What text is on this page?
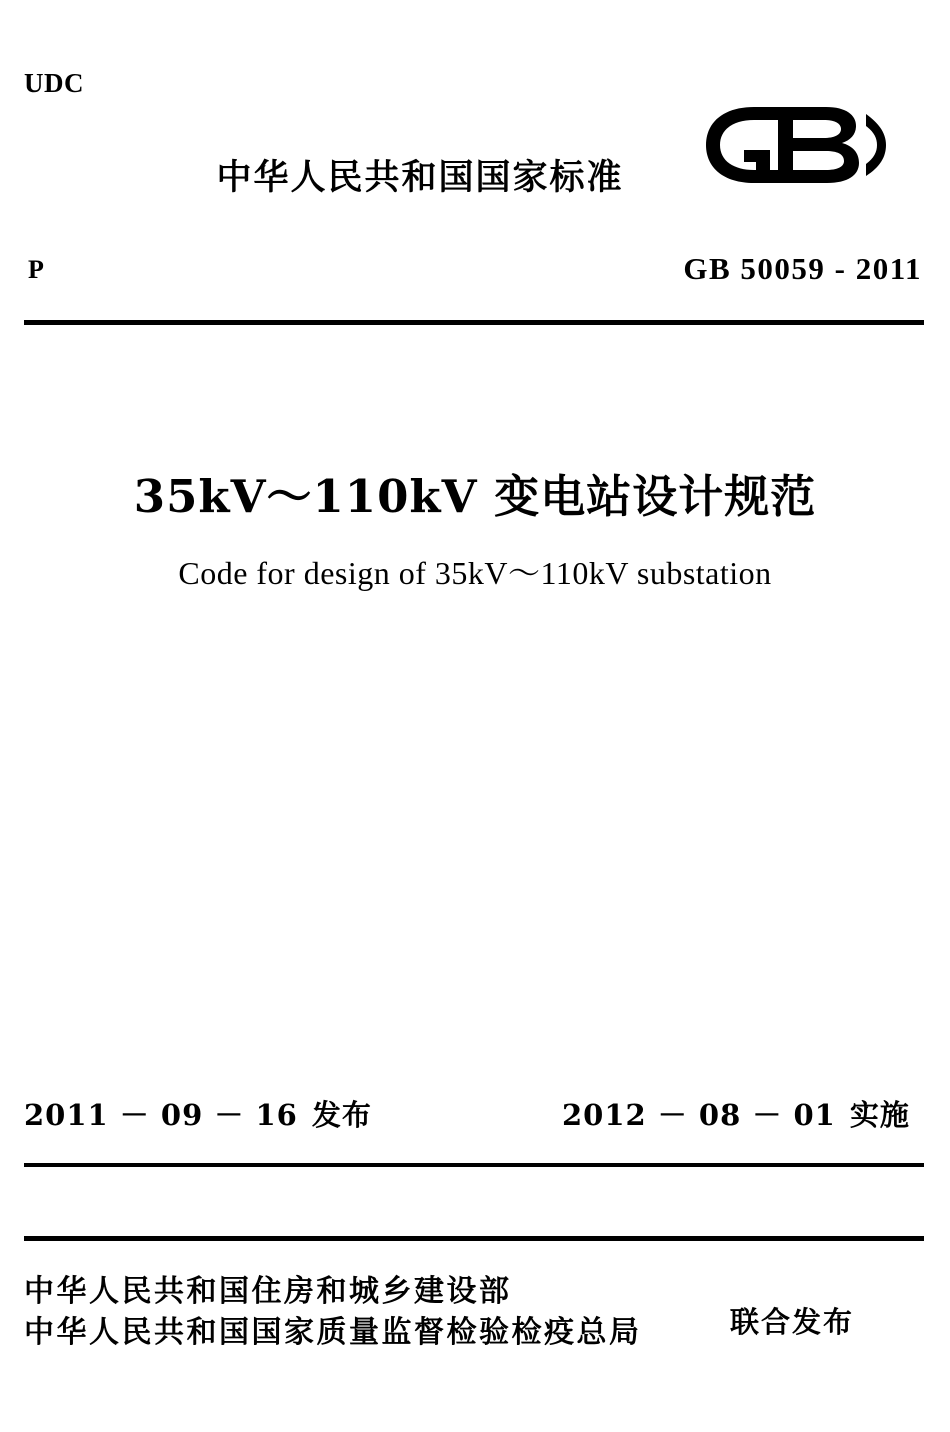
UDC
中华人民共和国国家标准
P	GB 50059 - 2011
35kV～110kV 变电站设计规范
Code for design of 35kV～110kV substation
2011 － 09 － 16 发布	2012 － 08 － 01 实施
中华人民共和国住房和城乡建设部
中华人民共和国国家质量监督检验检疫总局	联合发布
